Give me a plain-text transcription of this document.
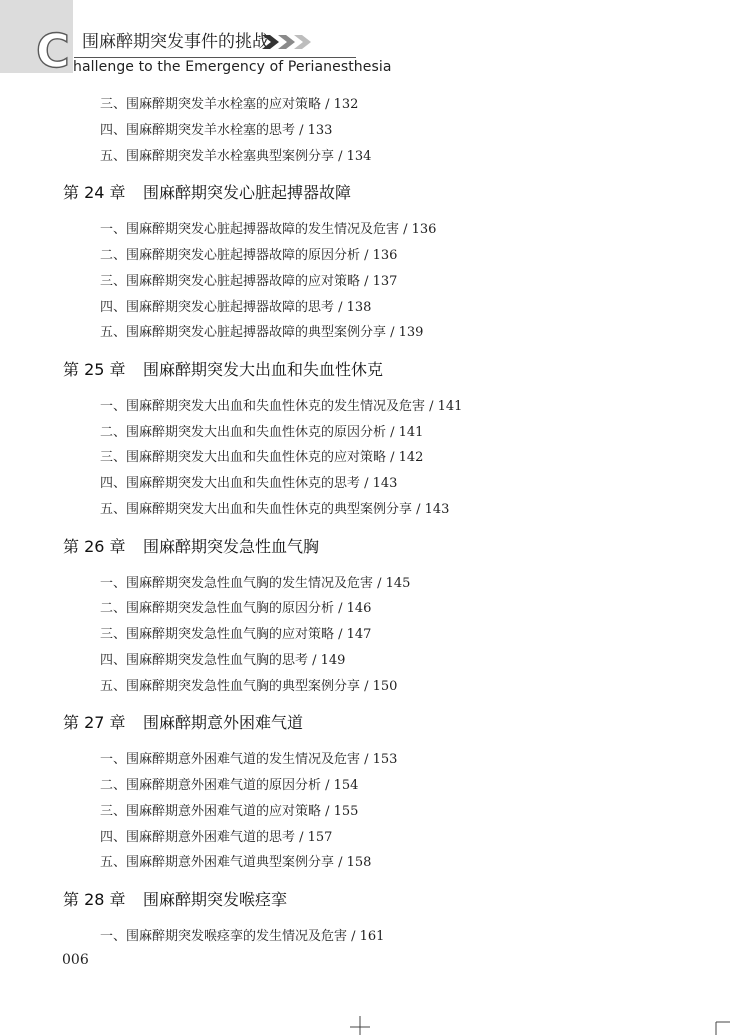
C 围麻醉期突发事件的挑战
hallenge to the Emergency of Perianesthesia
三、围麻醉期突发羊水栓塞的应对策略 / 132
四、围麻醉期突发羊水栓塞的思考 / 133
五、围麻醉期突发羊水栓塞典型案例分享 / 134
第 24 章 围麻醉期突发心脏起搏器故障
一、围麻醉期突发心脏起搏器故障的发生情况及危害 / 136
二、围麻醉期突发心脏起搏器故障的原因分析 / 136
三、围麻醉期突发心脏起搏器故障的应对策略 / 137
四、围麻醉期突发心脏起搏器故障的思考 / 138
五、围麻醉期突发心脏起搏器故障的典型案例分享 / 139
第 25 章 围麻醉期突发大出血和失血性休克
一、围麻醉期突发大出血和失血性休克的发生情况及危害 / 141
二、围麻醉期突发大出血和失血性休克的原因分析 / 141
三、围麻醉期突发大出血和失血性休克的应对策略 / 142
四、围麻醉期突发大出血和失血性休克的思考 / 143
五、围麻醉期突发大出血和失血性休克的典型案例分享 / 143
第 26 章 围麻醉期突发急性血气胸
一、围麻醉期突发急性血气胸的发生情况及危害 / 145
二、围麻醉期突发急性血气胸的原因分析 / 146
三、围麻醉期突发急性血气胸的应对策略 / 147
四、围麻醉期突发急性血气胸的思考 / 149
五、围麻醉期突发急性血气胸的典型案例分享 / 150
第 27 章 围麻醉期意外困难气道
一、围麻醉期意外困难气道的发生情况及危害 / 153
二、围麻醉期意外困难气道的原因分析 / 154
三、围麻醉期意外困难气道的应对策略 / 155
四、围麻醉期意外困难气道的思考 / 157
五、围麻醉期意外困难气道典型案例分享 / 158
第 28 章 围麻醉期突发喉痉挛
一、围麻醉期突发喉痉挛的发生情况及危害 / 161
006
